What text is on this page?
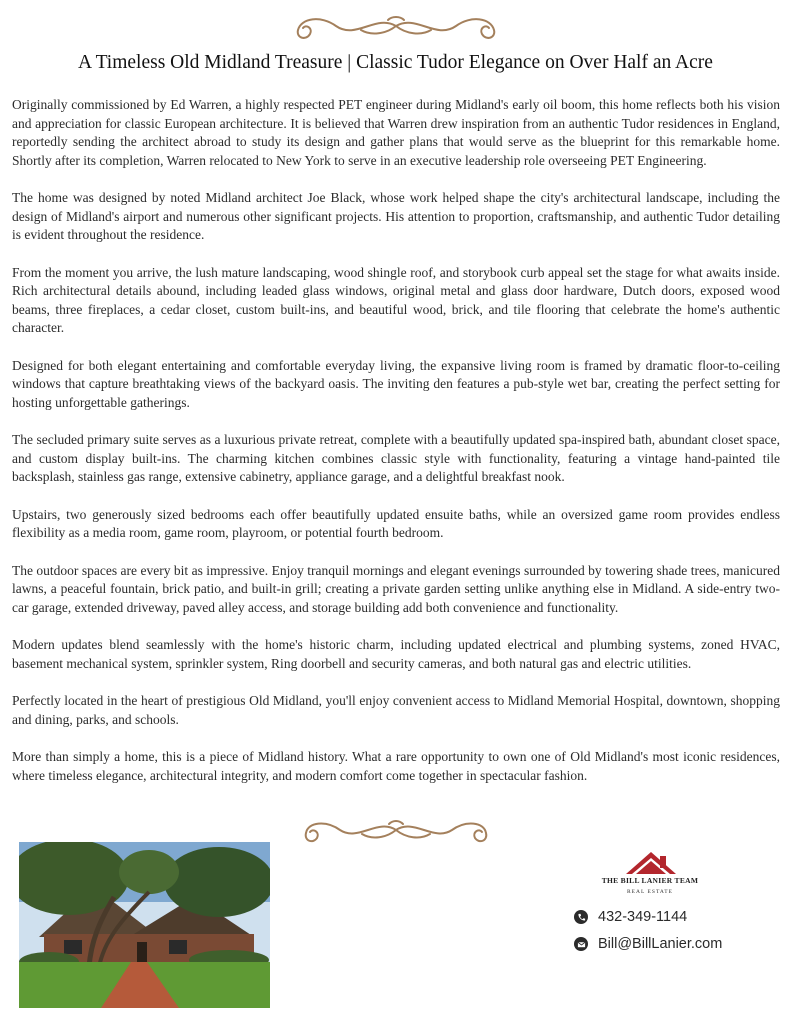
A Timeless Old Midland Treasure | Classic Tudor Elegance on Over Half an Acre

Originally commissioned by Ed Warren, a highly respected PET engineer during Midland's early oil boom, this home reflects both his vision and appreciation for classic European architecture. It is believed that Warren drew inspiration from an authentic Tudor residences in England, reportedly sending the architect abroad to study its design and gather plans that would serve as the blueprint for this remarkable home. Shortly after its completion, Warren relocated to New York to serve in an executive leadership role overseeing PET Engineering.

The home was designed by noted Midland architect Joe Black, whose work helped shape the city's architectural landscape, including the design of Midland's airport and numerous other significant projects. His attention to proportion, craftsmanship, and authentic Tudor detailing is evident throughout the residence.

From the moment you arrive, the lush mature landscaping, wood shingle roof, and storybook curb appeal set the stage for what awaits inside. Rich architectural details abound, including leaded glass windows, original metal and glass door hardware, Dutch doors, exposed wood beams, three fireplaces, a cedar closet, custom built-ins, and beautiful wood, brick, and tile flooring that celebrate the home's authentic character.

Designed for both elegant entertaining and comfortable everyday living, the expansive living room is framed by dramatic floor-to-ceiling windows that capture breathtaking views of the backyard oasis. The inviting den features a pub-style wet bar, creating the perfect setting for hosting unforgettable gatherings.

The secluded primary suite serves as a luxurious private retreat, complete with a beautifully updated spa-inspired bath, abundant closet space, and custom display built-ins. The charming kitchen combines classic style with functionality, featuring a vintage hand-painted tile backsplash, stainless gas range, extensive cabinetry, appliance garage, and a delightful breakfast nook.

Upstairs, two generously sized bedrooms each offer beautifully updated ensuite baths, while an oversized game room provides endless flexibility as a media room, game room, playroom, or potential fourth bedroom.

The outdoor spaces are every bit as impressive. Enjoy tranquil mornings and elegant evenings surrounded by towering shade trees, manicured lawns, a peaceful fountain, brick patio, and built-in grill; creating a private garden setting unlike anything else in Midland. A side-entry two-car garage, extended driveway, paved alley access, and storage building add both convenience and functionality.

Modern updates blend seamlessly with the home's historic charm, including updated electrical and plumbing systems, zoned HVAC, basement mechanical system, sprinkler system, Ring doorbell and security cameras, and both natural gas and electric utilities.

Perfectly located in the heart of prestigious Old Midland, you'll enjoy convenient access to Midland Memorial Hospital, downtown, shopping and dining, parks, and schools.

More than simply a home, this is a piece of Midland history. What a rare opportunity to own one of Old Midland's most iconic residences, where timeless elegance, architectural integrity, and modern comfort come together in spectacular fashion.

THE BILL LANIER TEAM
REAL ESTATE
432-349-1144
Bill@BillLanier.com
